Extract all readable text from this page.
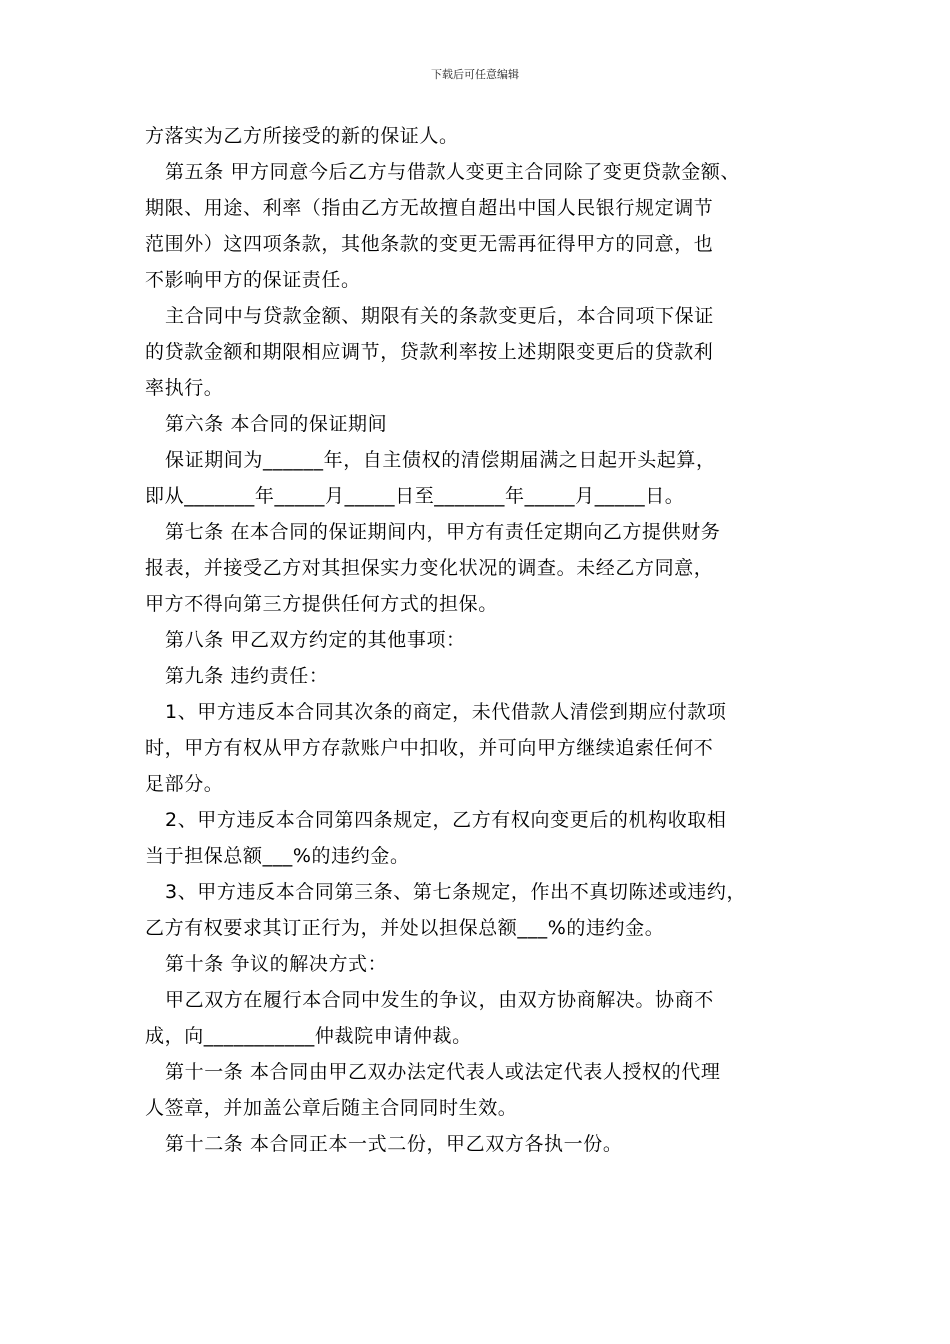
下载后可任意编辑
方落实为乙方所接受的新的保证人。
第五条 甲方同意今后乙方与借款人变更主合同除了变更贷款金额、
期限、用途、利率（指由乙方无故擅自超出中国人民银行规定调节
范围外）这四项条款，其他条款的变更无需再征得甲方的同意，也
不影响甲方的保证责任。
主合同中与贷款金额、期限有关的条款变更后，本合同项下保证
的贷款金额和期限相应调节，贷款利率按上述期限变更后的贷款利
率执行。
第六条 本合同的保证期间
保证期间为______年，自主债权的清偿期届满之日起开头起算，
即从_______年_____月_____日至_______年_____月_____日。
第七条 在本合同的保证期间内，甲方有责任定期向乙方提供财务
报表，并接受乙方对其担保实力变化状况的调查。未经乙方同意，
甲方不得向第三方提供任何方式的担保。
第八条 甲乙双方约定的其他事项：
第九条 违约责任：
1、甲方违反本合同其次条的商定，未代借款人清偿到期应付款项
时，甲方有权从甲方存款账户中扣收，并可向甲方继续追索任何不
足部分。
2、甲方违反本合同第四条规定，乙方有权向变更后的机构收取相
当于担保总额___%的违约金。
3、甲方违反本合同第三条、第七条规定，作出不真切陈述或违约，
乙方有权要求其订正行为，并处以担保总额___%的违约金。
第十条 争议的解决方式：
甲乙双方在履行本合同中发生的争议，由双方协商解决。协商不
成，向___________仲裁院申请仲裁。
第十一条 本合同由甲乙双办法定代表人或法定代表人授权的代理
人签章，并加盖公章后随主合同同时生效。
第十二条 本合同正本一式二份，甲乙双方各执一份。
